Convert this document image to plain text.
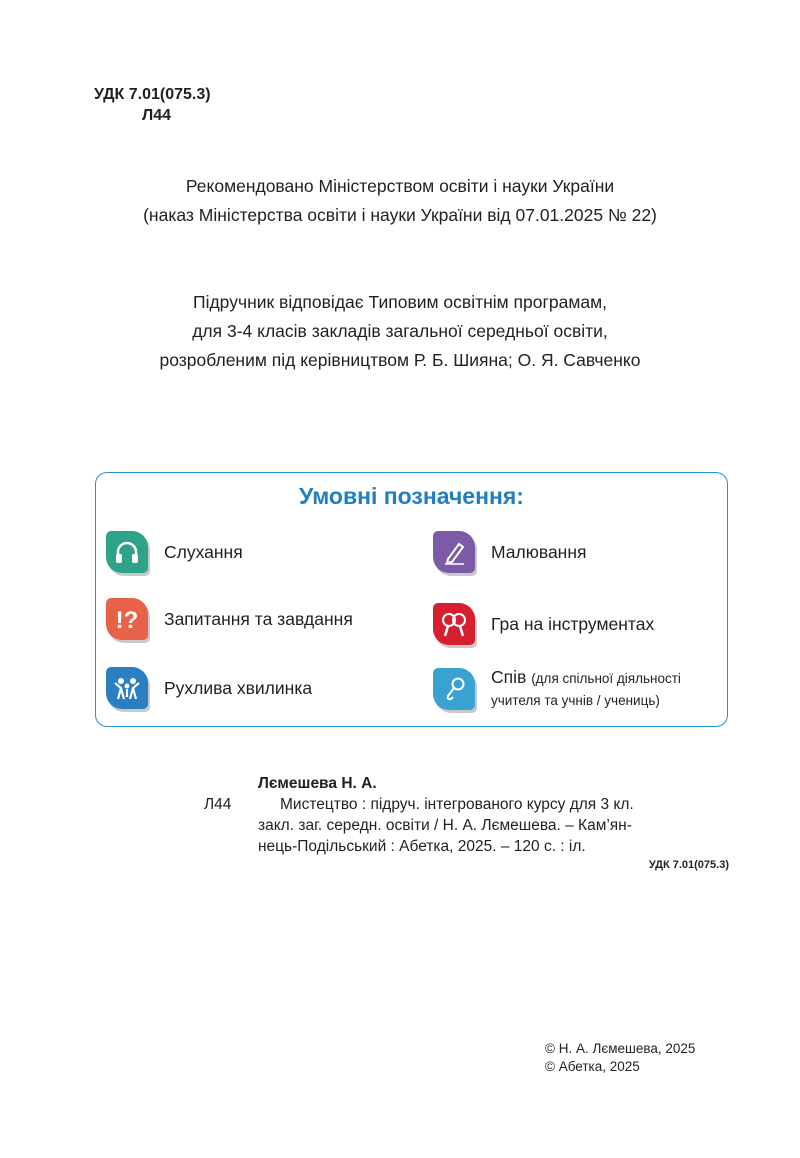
УДК 7.01(075.3)
Л44
Рекомендовано Міністерством освіти і науки України
(наказ Міністерства освіти і науки України від 07.01.2025 № 22)
Підручник відповідає Типовим освітнім програмам,
для 3-4 класів закладів загальної середньої освіти,
розробленим під керівництвом Р. Б. Шияна; О. Я. Савченко
Умовні позначення:
Слухання	Малювання
!? Запитання та завдання	Гра на інструментах
Рухлива хвилинка
Спів (для спільної діяльності
учителя та учнів / учениць)
Лємешева Н. А.
Л44	Мистецтво : підруч. інтегрованого курсу для 3 кл.
закл. заг. середн. освіти / Н. А. Лємешева. – Кам’ян-
нець-Подільський : Абетка, 2025. – 120 с. : іл.
УДК 7.01(075.3)
© Н. А. Лємешева, 2025
© Абетка, 2025
